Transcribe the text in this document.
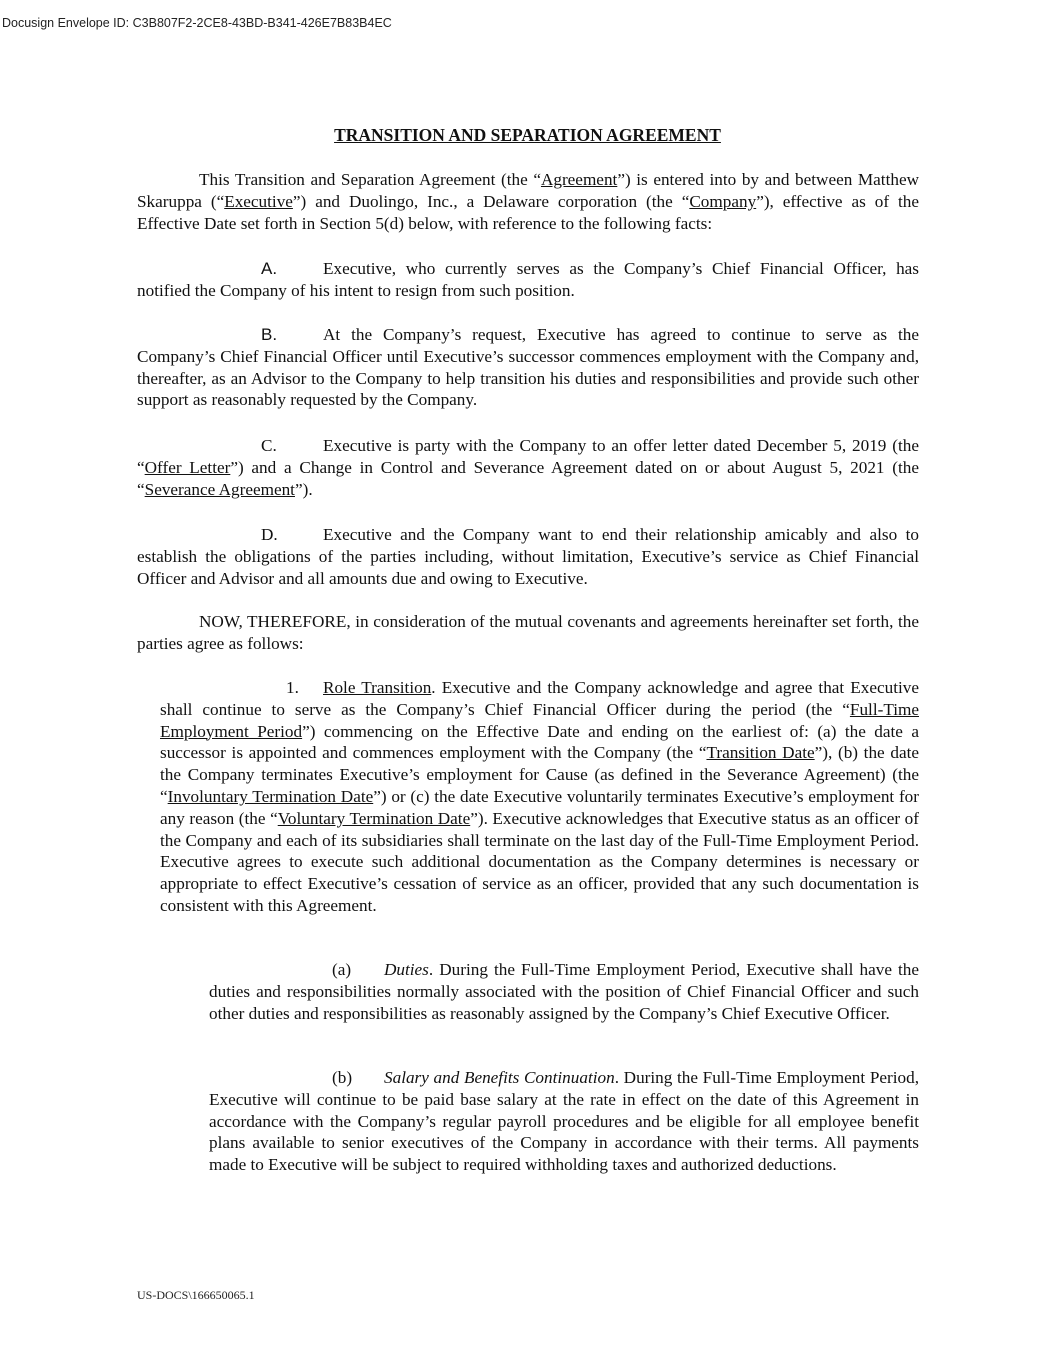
Docusign Envelope ID: C3B807F2-2CE8-43BD-B341-426E7B83B4EC
TRANSITION AND SEPARATION AGREEMENT

This Transition and Separation Agreement (the “Agreement”) is entered into by and between Matthew Skaruppa (“Executive”) and Duolingo, Inc., a Delaware corporation (the “Company”), effective as of the Effective Date set forth in Section 5(d) below, with reference to the following facts:

A.	Executive, who currently serves as the Company’s Chief Financial Officer, has notified the Company of his intent to resign from such position.

B.	At the Company’s request, Executive has agreed to continue to serve as the Company’s Chief Financial Officer until Executive’s successor commences employment with the Company and, thereafter, as an Advisor to the Company to help transition his duties and responsibilities and provide such other support as reasonably requested by the Company.

C.	Executive is party with the Company to an offer letter dated December 5, 2019 (the “Offer Letter”) and a Change in Control and Severance Agreement dated on or about August 5, 2021 (the “Severance Agreement”).

D.	Executive and the Company want to end their relationship amicably and also to establish the obligations of the parties including, without limitation, Executive’s service as Chief Financial Officer and Advisor and all amounts due and owing to Executive.

NOW, THEREFORE, in consideration of the mutual covenants and agreements hereinafter set forth, the parties agree as follows:

1. Role Transition. Executive and the Company acknowledge and agree that Executive shall continue to serve as the Company’s Chief Financial Officer during the period (the “Full-Time Employment Period”) commencing on the Effective Date and ending on the earliest of: (a) the date a successor is appointed and commences employment with the Company (the “Transition Date”), (b) the date the Company terminates Executive’s employment for Cause (as defined in the Severance Agreement) (the “Involuntary Termination Date”) or (c) the date Executive voluntarily terminates Executive’s employment for any reason (the “Voluntary Termination Date”). Executive acknowledges that Executive status as an officer of the Company and each of its subsidiaries shall terminate on the last day of the Full-Time Employment Period. Executive agrees to execute such additional documentation as the Company determines is necessary or appropriate to effect Executive’s cessation of service as an officer, provided that any such documentation is consistent with this Agreement.

(a) Duties. During the Full-Time Employment Period, Executive shall have the duties and responsibilities normally associated with the position of Chief Financial Officer and such other duties and responsibilities as reasonably assigned by the Company’s Chief Executive Officer.

(b) Salary and Benefits Continuation. During the Full-Time Employment Period, Executive will continue to be paid base salary at the rate in effect on the date of this Agreement in accordance with the Company’s regular payroll procedures and be eligible for all employee benefit plans available to senior executives of the Company in accordance with their terms. All payments made to Executive will be subject to required withholding taxes and authorized deductions.

US-DOCS\166650065.1
